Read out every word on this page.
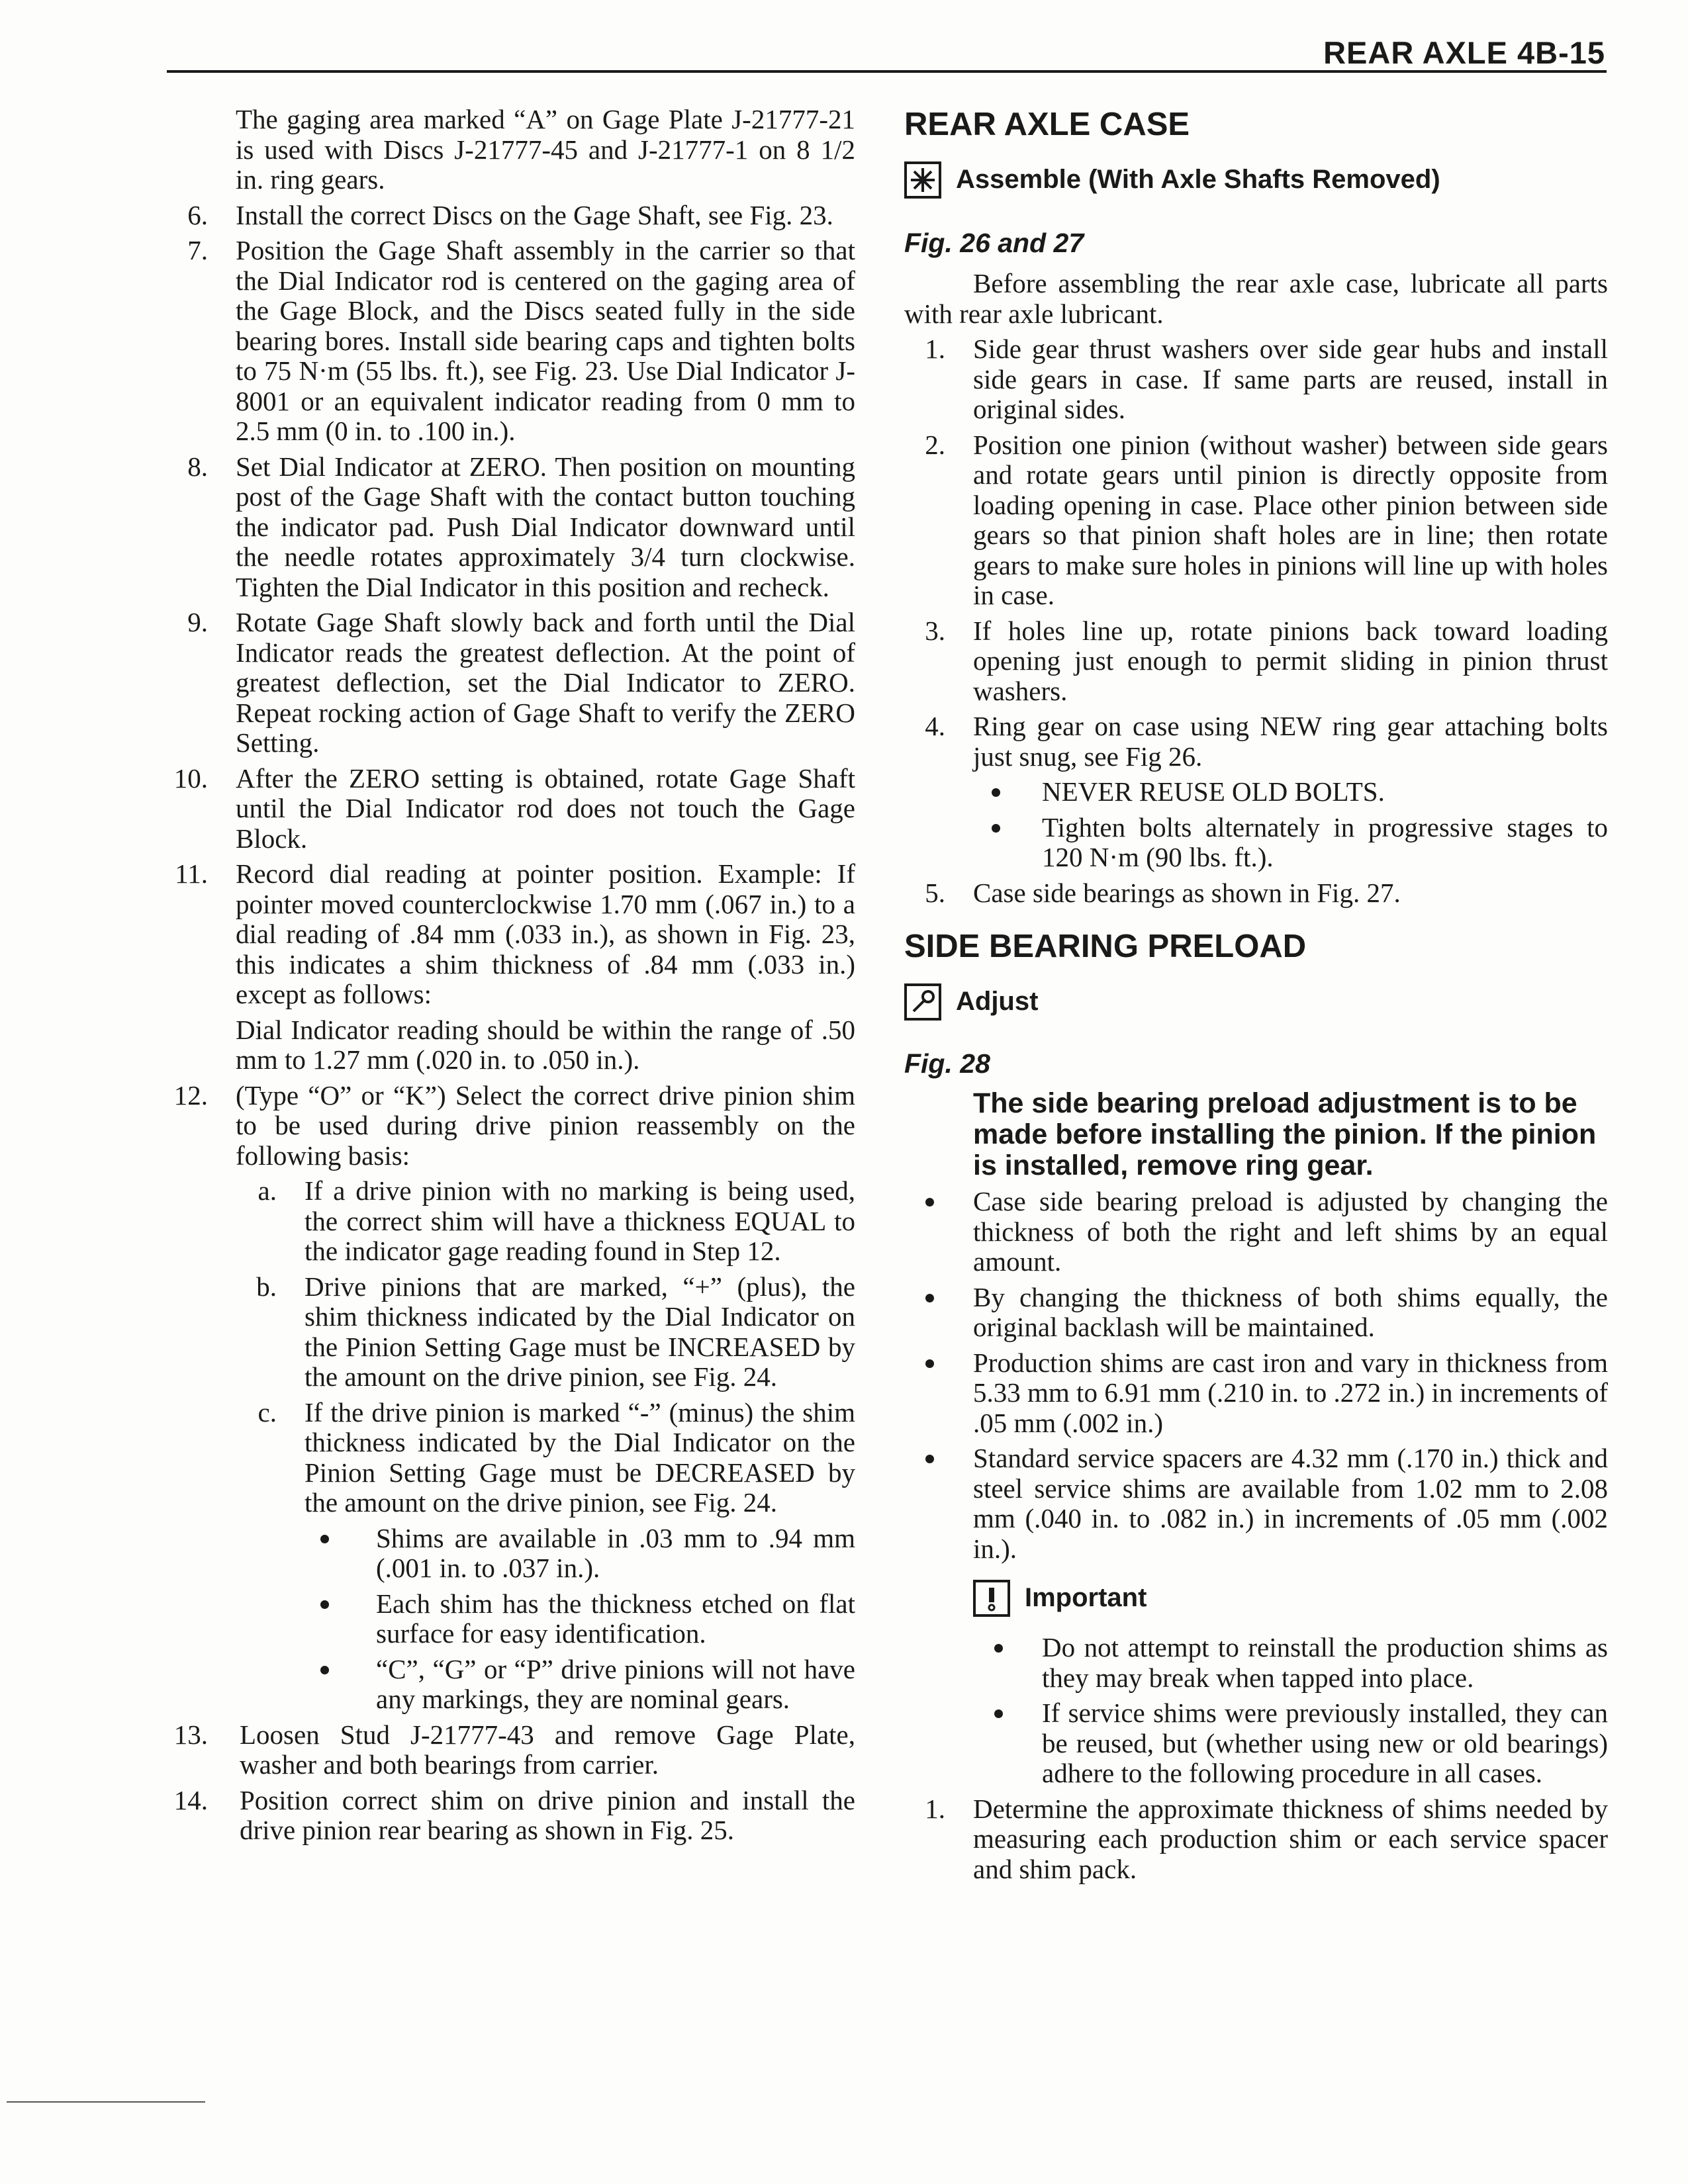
REAR AXLE 4B-15

The gaging area marked “A” on Gage Plate J-21777-21 is used with Discs J-21777-45 and J-21777-1 on 8 1/2 in. ring gears.

6. Install the correct Discs on the Gage Shaft, see Fig. 23.

7. Position the Gage Shaft assembly in the carrier so that the Dial Indicator rod is centered on the gaging area of the Gage Block, and the Discs seated fully in the side bearing bores. Install side bearing caps and tighten bolts to 75 N·m (55 lbs. ft.), see Fig. 23. Use Dial Indicator J-8001 or an equivalent indicator reading from 0 mm to 2.5 mm (0 in. to .100 in.).

8. Set Dial Indicator at ZERO. Then position on mounting post of the Gage Shaft with the contact button touching the indicator pad. Push Dial Indicator downward until the needle rotates approximately 3/4 turn clockwise. Tighten the Dial Indicator in this position and recheck.

9. Rotate Gage Shaft slowly back and forth until the Dial Indicator reads the greatest deflection. At the point of greatest deflection, set the Dial Indicator to ZERO. Repeat rocking action of Gage Shaft to verify the ZERO Setting.

10. After the ZERO setting is obtained, rotate Gage Shaft until the Dial Indicator rod does not touch the Gage Block.

11. Record dial reading at pointer position. Example: If pointer moved counterclockwise 1.70 mm (.067 in.) to a dial reading of .84 mm (.033 in.), as shown in Fig. 23, this indicates a shim thickness of .84 mm (.033 in.) except as follows:

Dial Indicator reading should be within the range of .50 mm to 1.27 mm (.020 in. to .050 in.).

12. (Type “O” or “K”) Select the correct drive pinion shim to be used during drive pinion reassembly on the following basis:

a. If a drive pinion with no marking is being used, the correct shim will have a thickness EQUAL to the indicator gage reading found in Step 12.

b. Drive pinions that are marked, “+” (plus), the shim thickness indicated by the Dial Indicator on the Pinion Setting Gage must be INCREASED by the amount on the drive pinion, see Fig. 24.

c. If the drive pinion is marked “-” (minus) the shim thickness indicated by the Dial Indicator on the Pinion Setting Gage must be DECREASED by the amount on the drive pinion, see Fig. 24.

Shims are available in .03 mm to .94 mm (.001 in. to .037 in.).

Each shim has the thickness etched on flat surface for easy identification.

“C”, “G” or “P” drive pinions will not have any markings, they are nominal gears.

13. Loosen Stud J-21777-43 and remove Gage Plate, washer and both bearings from carrier.

14. Position correct shim on drive pinion and install the drive pinion rear bearing as shown in Fig. 25.

REAR AXLE CASE
Assemble (With Axle Shafts Removed)
Fig. 26 and 27

Before assembling the rear axle case, lubricate all parts with rear axle lubricant.

1. Side gear thrust washers over side gear hubs and install side gears in case. If same parts are reused, install in original sides.

2. Position one pinion (without washer) between side gears and rotate gears until pinion is directly opposite from loading opening in case. Place other pinion between side gears so that pinion shaft holes are in line; then rotate gears to make sure holes in pinions will line up with holes in case.

3. If holes line up, rotate pinions back toward loading opening just enough to permit sliding in pinion thrust washers.

4. Ring gear on case using NEW ring gear attaching bolts just snug, see Fig 26.

NEVER REUSE OLD BOLTS.

Tighten bolts alternately in progressive stages to 120 N·m (90 lbs. ft.).

5. Case side bearings as shown in Fig. 27.

SIDE BEARING PRELOAD
Adjust
Fig. 28

The side bearing preload adjustment is to be made before installing the pinion. If the pinion is installed, remove ring gear.

Case side bearing preload is adjusted by changing the thickness of both the right and left shims by an equal amount.

By changing the thickness of both shims equally, the original backlash will be maintained.

Production shims are cast iron and vary in thickness from 5.33 mm to 6.91 mm (.210 in. to .272 in.) in increments of .05 mm (.002 in.)

Standard service spacers are 4.32 mm (.170 in.) thick and steel service shims are available from 1.02 mm to 2.08 mm (.040 in. to .082 in.) in increments of .05 mm (.002 in.).

Important

Do not attempt to reinstall the production shims as they may break when tapped into place.

If service shims were previously installed, they can be reused, but (whether using new or old bearings) adhere to the following procedure in all cases.

1. Determine the approximate thickness of shims needed by measuring each production shim or each service spacer and shim pack.
